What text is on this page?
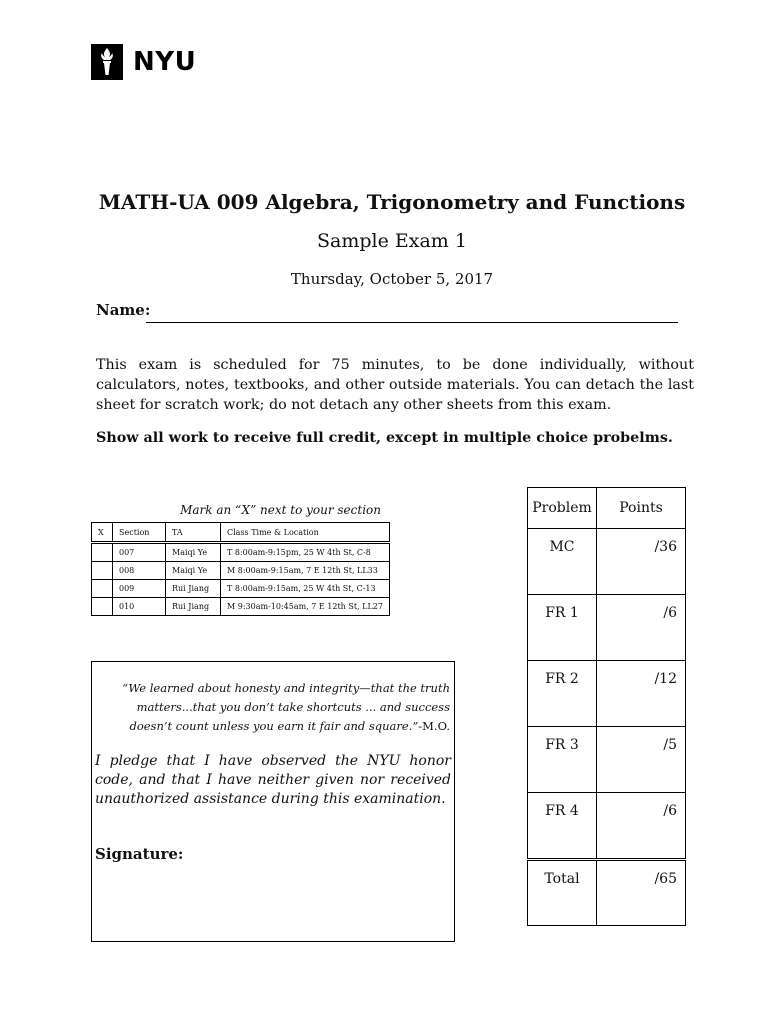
NYU
MATH-UA 009 Algebra, Trigonometry and Functions
Sample Exam 1
Thursday, October 5, 2017
Name:
This exam is scheduled for 75 minutes, to be done individually, without calculators, notes, textbooks, and other outside materials. You can detach the last sheet for scratch work; do not detach any other sheets from this exam.
Show all work to receive full credit, except in multiple choice probelms.
Mark an “X” next to your section
X	Section	TA	Class Time & Location
	007	Maiqi Ye	T 8:00am-9:15pm, 25 W 4th St, C-8
	008	Maiqi Ye	M 8:00am-9:15am, 7 E 12th St, LL33
	009	Rui Jiang	T 8:00am-9:15am, 25 W 4th St, C-13
	010	Rui Jiang	M 9:30am-10:45am, 7 E 12th St, LL27
“We learned about honesty and integrity—that the truth matters...that you don’t take shortcuts ... and success doesn’t count unless you earn it fair and square.”-M.O.
I pledge that I have observed the NYU honor code, and that I have neither given nor received unauthorized assistance during this examination.
Signature:
Problem	Points
MC	/36
FR 1	/6
FR 2	/12
FR 3	/5
FR 4	/6
Total	/65
